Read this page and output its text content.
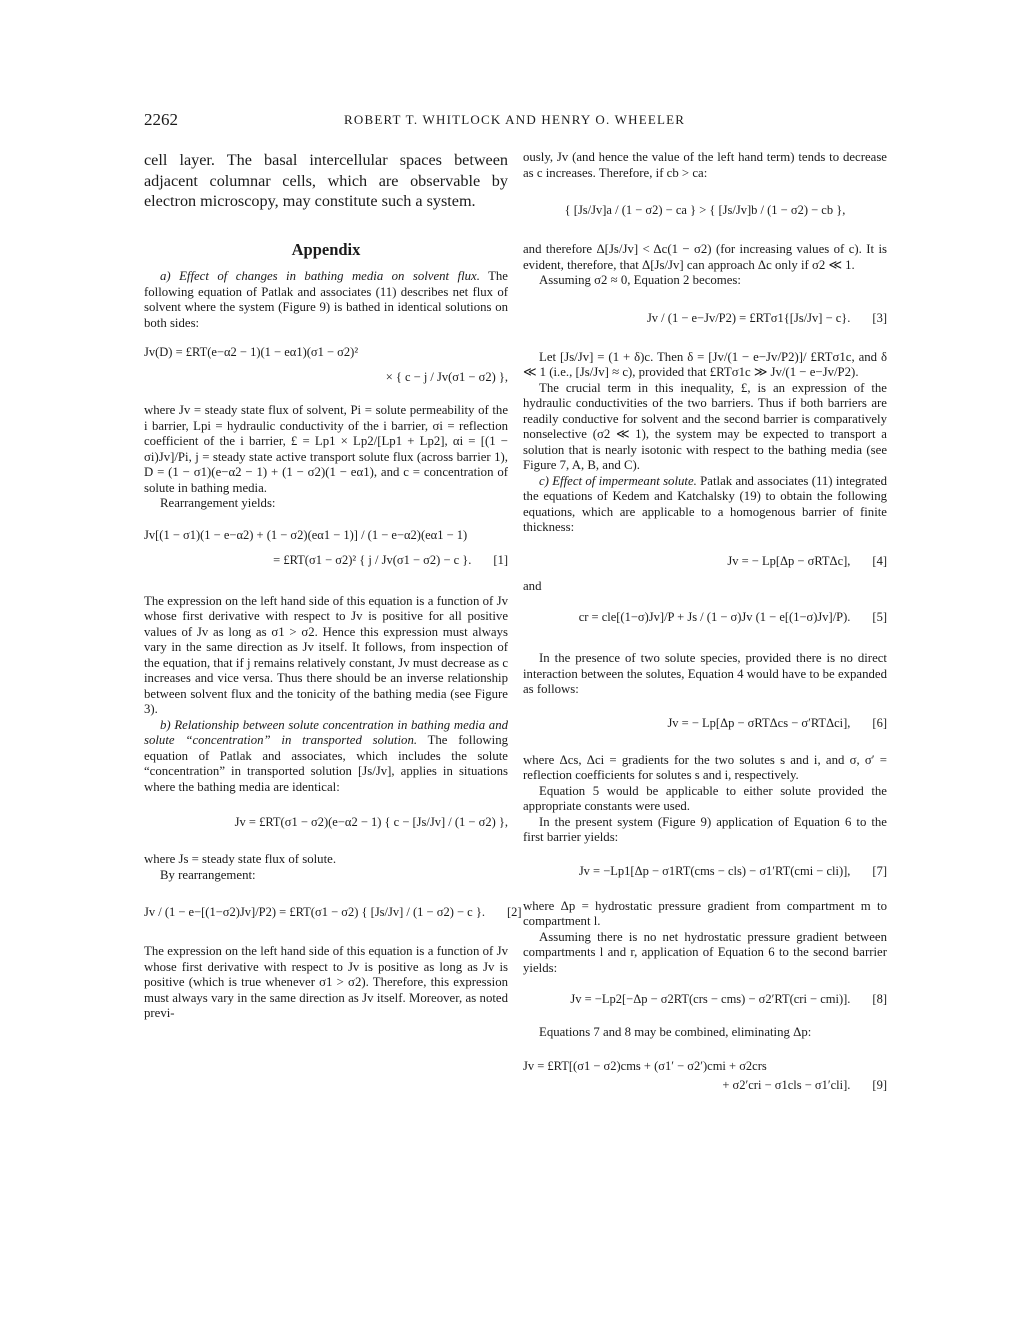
2262	ROBERT T. WHITLOCK AND HENRY O. WHEELER

cell layer. The basal intercellular spaces between adjacent columnar cells, which are observable by electron microscopy, may constitute such a system.

Appendix

a) Effect of changes in bathing media on solvent flux. The following equation of Patlak and associates (11) describes net flux of solvent where the system (Figure 9) is bathed in identical solutions on both sides:

Jv(D) = £RT(e−α2 − 1)(1 − eα1)(σ1 − σ2)²
× { c − j / Jv(σ1 − σ2) },

where Jv = steady state flux of solvent, Pi = solute permeability of the i barrier, Lpi = hydraulic conductivity of the i barrier, σi = reflection coefficient of the i barrier, £ = Lp1 × Lp2/[Lp1 + Lp2], αi = [(1 − σi)Jv]/Pi, j = steady state active transport solute flux (across barrier 1), D = (1 − σ1)(e−α2 − 1) + (1 − σ2)(1 − eα1), and c = concentration of solute in bathing media.

Rearrangement yields:

Jv[(1 − σ1)(1 − e−α2) + (1 − σ2)(eα1 − 1)] / (1 − e−α2)(eα1 − 1)
= £RT(σ1 − σ2)² { j / Jv(σ1 − σ2) − c }. [1]

The expression on the left hand side of this equation is a function of Jv whose first derivative with respect to Jv is positive for all positive values of Jv as long as σ1 > σ2. Hence this expression must always vary in the same direction as Jv itself. It follows, from inspection of the equation, that if j remains relatively constant, Jv must decrease as c increases and vice versa. Thus there should be an inverse relationship between solvent flux and the tonicity of the bathing media (see Figure 3).

b) Relationship between solute concentration in bathing media and solute “concentration” in transported solution. The following equation of Patlak and associates, which includes the solute “concentration” in transported solution [Js/Jv], applies in situations where the bathing media are identical:

Jv = £RT(σ1 − σ2)(e−α2 − 1) { c − [Js/Jv] / (1 − σ2) },

where Js = steady state flux of solute.

By rearrangement:

Jv / (1 − e−[(1−σ2)Jv]/P2) = £RT(σ1 − σ2) { [Js/Jv] / (1 − σ2) − c }. [2]

The expression on the left hand side of this equation is a function of Jv whose first derivative with respect to Jv is positive as long as Jv is positive (which is true whenever σ1 > σ2). Therefore, this expression must always vary in the same direction as Jv itself. Moreover, as noted previ-

ously, Jv (and hence the value of the left hand term) tends to decrease as c increases. Therefore, if cb > ca:

{ [Js/Jv]a / (1 − σ2) − ca } > { [Js/Jv]b / (1 − σ2) − cb },

and therefore Δ[Js/Jv] < Δc(1 − σ2) (for increasing values of c). It is evident, therefore, that Δ[Js/Jv] can approach Δc only if σ2 ≪ 1.

Assuming σ2 ≈ 0, Equation 2 becomes:

Jv / (1 − e−Jv/P2) = £RTσ1{[Js/Jv] − c}. [3]

Let [Js/Jv] = (1 + δ)c. Then δ = [Jv/(1 − e−Jv/P2)]/ £RTσ1c, and δ ≪ 1 (i.e., [Js/Jv] ≈ c), provided that £RTσ1c ≫ Jv/(1 − e−Jv/P2).

The crucial term in this inequality, £, is an expression of the hydraulic conductivities of the two barriers. Thus if both barriers are readily conductive for solvent and the second barrier is comparatively nonselective (σ2 ≪ 1), the system may be expected to transport a solution that is nearly isotonic with respect to the bathing media (see Figure 7, A, B, and C).

c) Effect of impermeant solute. Patlak and associates (11) integrated the equations of Kedem and Katchalsky (19) to obtain the following equations, which are applicable to a homogenous barrier of finite thickness:

Jv = − Lp[Δp − σRTΔc], [4]

and

cr = cle[(1−σ)Jv]/P + Js / (1 − σ)Jv (1 − e[(1−σ)Jv]/P). [5]

In the presence of two solute species, provided there is no direct interaction between the solutes, Equation 4 would have to be expanded as follows:

Jv = − Lp[Δp − σRTΔcs − σ′RTΔci], [6]

where Δcs, Δci = gradients for the two solutes s and i, and σ, σ′ = reflection coefficients for solutes s and i, respectively.

Equation 5 would be applicable to either solute provided the appropriate constants were used.

In the present system (Figure 9) application of Equation 6 to the first barrier yields:

Jv = −Lp1[Δp − σ1RT(cms − cls) − σ1′RT(cmi − cli)], [7]

where Δp = hydrostatic pressure gradient from compartment m to compartment l.

Assuming there is no net hydrostatic pressure gradient between compartments l and r, application of Equation 6 to the second barrier yields:

Jv = −Lp2[−Δp − σ2RT(crs − cms) − σ2′RT(cri − cmi)]. [8]

Equations 7 and 8 may be combined, eliminating Δp:

Jv = £RT[(σ1 − σ2)cms + (σ1′ − σ2′)cmi + σ2crs
+ σ2′cri − σ1cls − σ1′cli]. [9]
